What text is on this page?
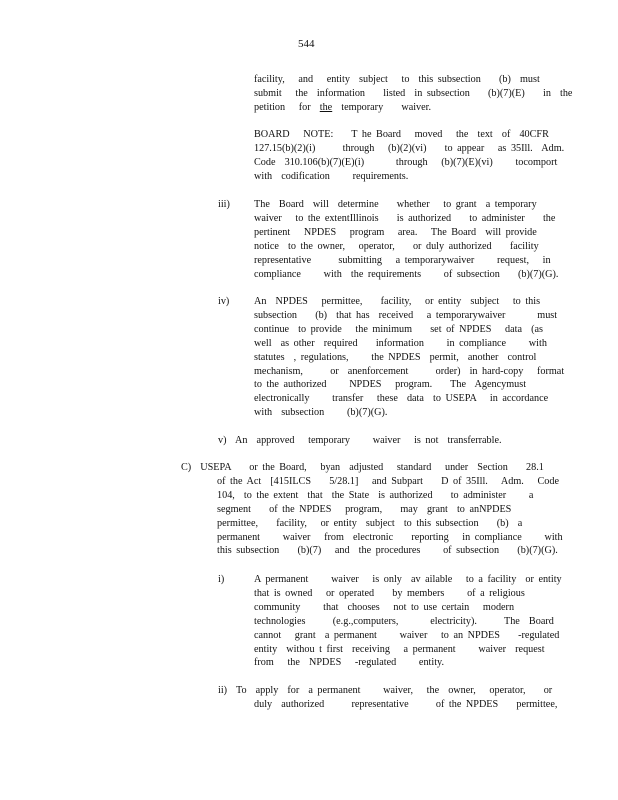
544
facility,   and   entity  subject   to  this subsection    (b)  must
submit   the  information    listed  in subsection    (b)(7)(E)    in  the
petition   for  the  temporary    waiver.
BOARD   NOTE:    T he Board   moved   the  text  of  40CFR
127.15(b)(2)(i)      through   (b)(2)(vi)    to appear   as 35Ill.  Adm.
Code  310.106(b)(7)(E)(i)       through   (b)(7)(E)(vi)     tocomport
with  codification     requirements.
iii) The  Board  will  determine    whether   to grant  a temporary
waiver   to the extentIllinois    is authorized    to administer    the
pertinent   NPDES   program   area.   The Board  will provide
notice  to the owner,   operator,    or duly authorized    facility
representative      submitting   a temporarywaiver     request,   in
compliance     with  the requirements     of subsection    (b)(7)(G).
iv) An  NPDES   permittee,    facility,   or entity  subject   to this
subsection    (b)  that has  received   a temporarywaiver       must
continue  to provide   the minimum    set of NPDES   data  (as
well  as other  required    information     in compliance     with
statutes  , regulations,     the NPDES  permit,  another  control
mechanism,      or  anenforcement      order)  in hard-copy   format
to the authorized     NPDES   program.    The  Agencymust
electronically     transfer   these  data  to USEPA   in accordance
with  subsection     (b)(7)(G).
v)  An  approved   temporary     waiver   is not  transferrable.
C)  USEPA    or the Board,   byan  adjusted   standard   under  Section    28.1
of the Act  [415ILCS    5/28.1]   and Subpart    D of 35Ill.   Adm.   Code
104,  to the extent  that  the State  is authorized    to administer     a
segment    of the NPDES   program,    may  grant  to anNPDES
permittee,    facility,   or entity  subject  to this subsection    (b)  a
permanent     waiver   from  electronic    reporting   in compliance     with
this subsection    (b)(7)   and  the procedures     of subsection    (b)(7)(G).
i)	A permanent     waiver   is only  av ailable   to a facility  or entity
that is owned   or operated    by members     of a religious
community     that  chooses   not to use certain   modern
technologies      (e.g.,computers,       electricity).      The  Board
cannot   grant  a permanent     waiver   to an NPDES    -regulated
entity  withou t first  receiving   a permanent     waiver  request
from   the  NPDES   -regulated     entity.
ii)  To  apply  for  a permanent     waiver,   the  owner,   operator,    or
duly  authorized      representative      of the NPDES    permittee,
